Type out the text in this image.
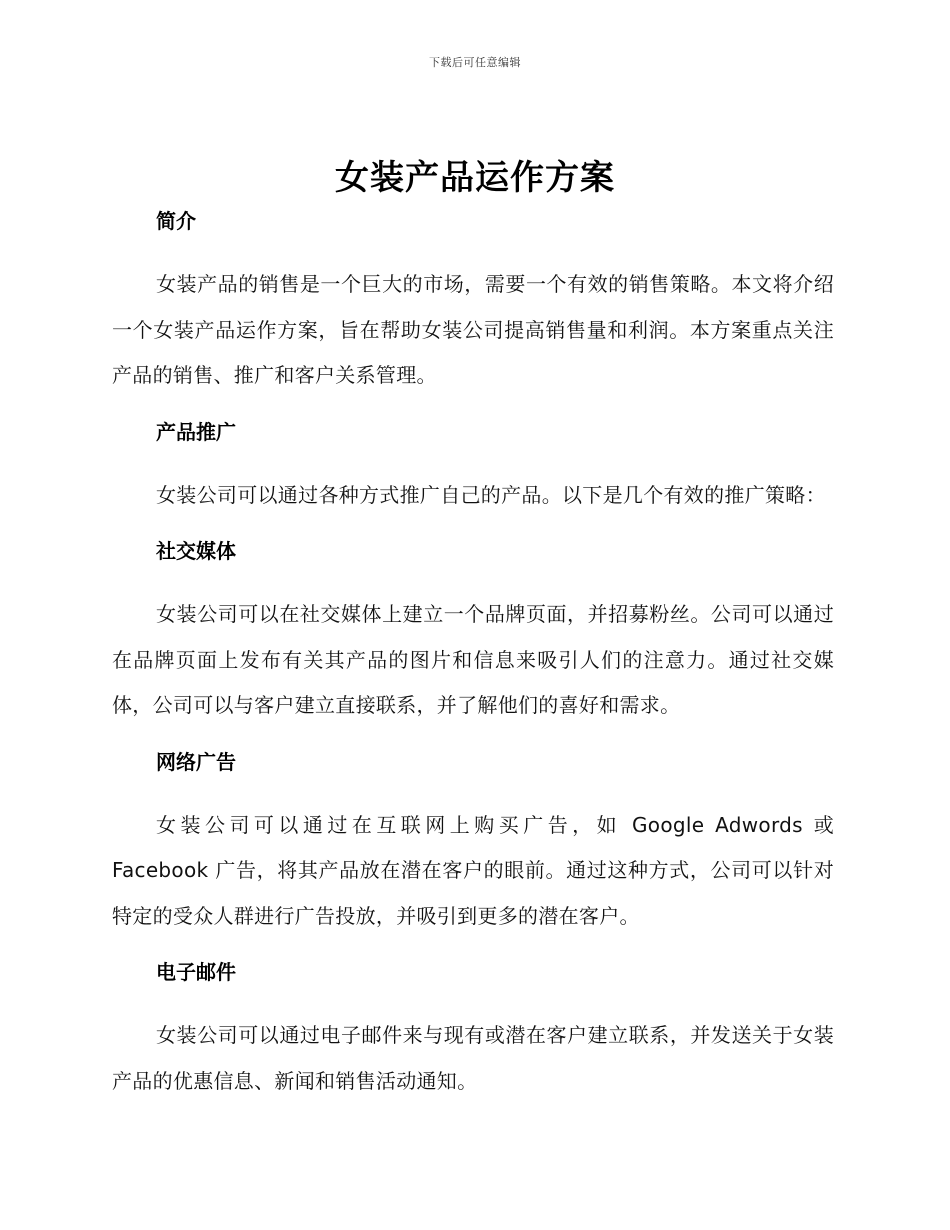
下载后可任意编辑
女装产品运作方案
简介

女装产品的销售是一个巨大的市场，需要一个有效的销售策略。本文将介绍一个女装产品运作方案，旨在帮助女装公司提高销售量和利润。本方案重点关注产品的销售、推广和客户关系管理。

产品推广

女装公司可以通过各种方式推广自己的产品。以下是几个有效的推广策略：

社交媒体

女装公司可以在社交媒体上建立一个品牌页面，并招募粉丝。公司可以通过在品牌页面上发布有关其产品的图片和信息来吸引人们的注意力。通过社交媒体，公司可以与客户建立直接联系，并了解他们的喜好和需求。

网络广告

女装公司可以通过在互联网上购买广告，如 Google Adwords 或 Facebook 广告，将其产品放在潜在客户的眼前。通过这种方式，公司可以针对特定的受众人群进行广告投放，并吸引到更多的潜在客户。

电子邮件

女装公司可以通过电子邮件来与现有或潜在客户建立联系，并发送关于女装产品的优惠信息、新闻和销售活动通知。
